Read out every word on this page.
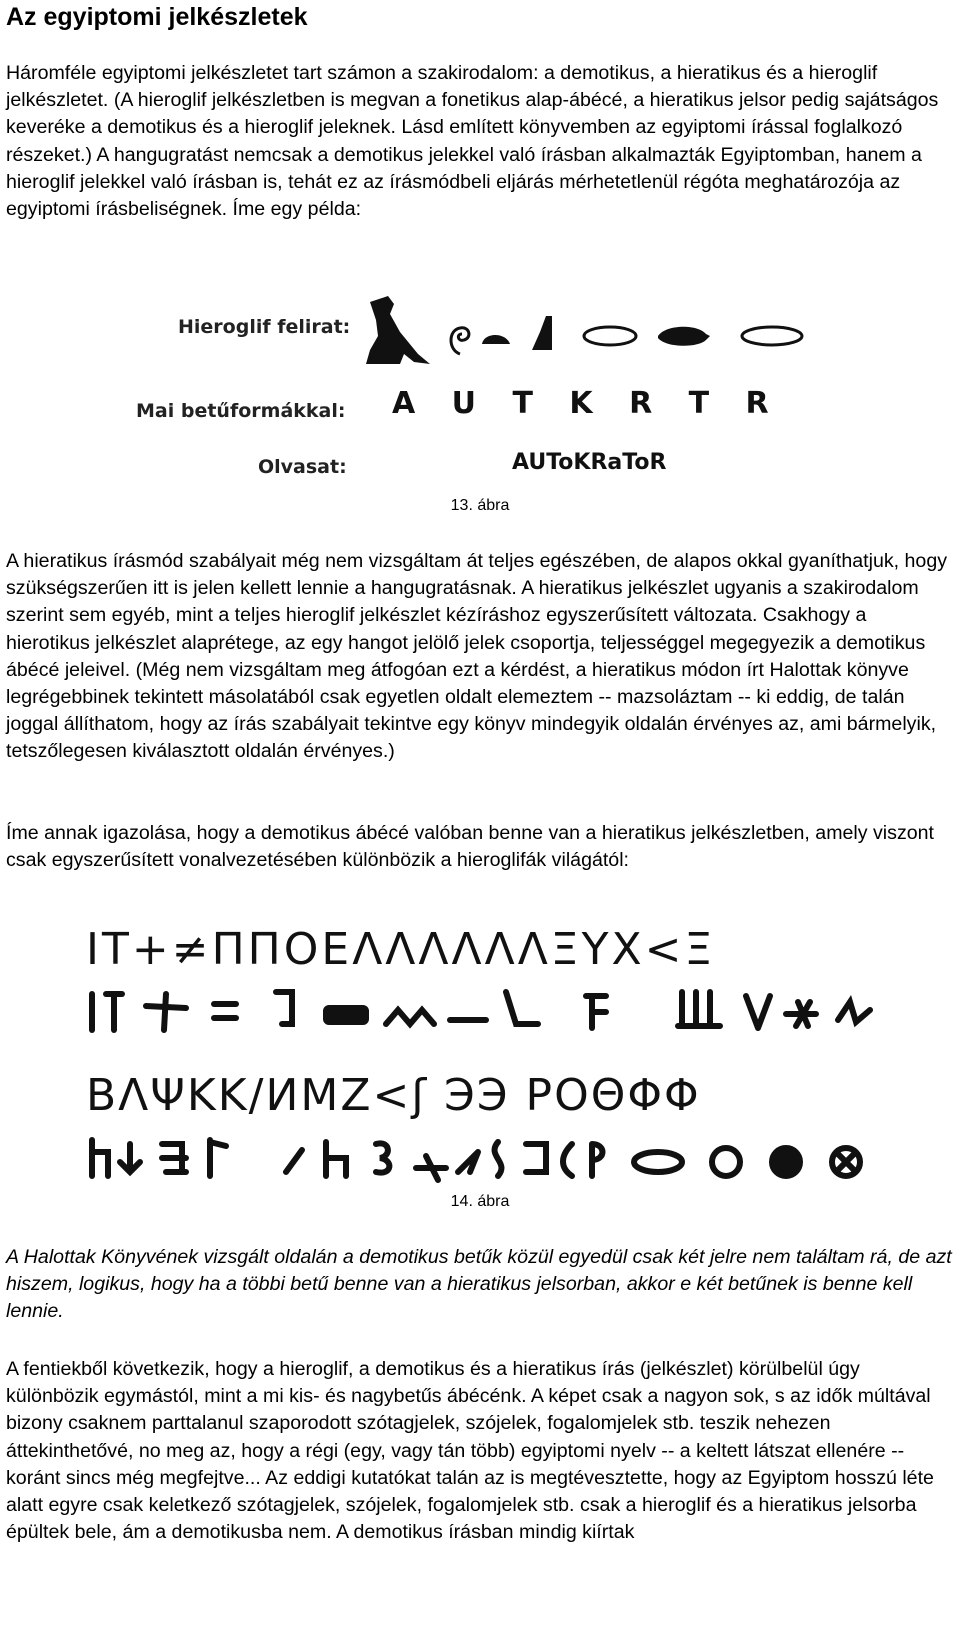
Az egyiptomi jelkészletek

Háromféle egyiptomi jelkészletet tart számon a szakirodalom: a demotikus, a hieratikus és a hieroglif jelkészletet. (A hieroglif jelkészletben is megvan a fonetikus alap-ábécé, a hieratikus jelsor pedig sajátságos keveréke a demotikus és a hieroglif jeleknek. Lásd említett könyvemben az egyiptomi írással foglalkozó részeket.) A hangugratást nemcsak a demotikus jelekkel való írásban alkalmazták Egyiptomban, hanem a hieroglif jelekkel való írásban is, tehát ez az írásmódbeli eljárás mérhetetlenül régóta meghatározója az egyiptomi írásbeliségnek. Íme egy példa:

Hieroglif felirat:
Mai betűformákkal: A U T K R T R
Olvasat:	AUToKRaToR

13. ábra

A hieratikus írásmód szabályait még nem vizsgáltam át teljes egészében, de alapos okkal gyaníthatjuk, hogy szükségszerűen itt is jelen kellett lennie a hangugratásnak. A hieratikus jelkészlet ugyanis a szakirodalom szerint sem egyéb, mint a teljes hieroglif jelkészlet kézíráshoz egyszerűsített változata. Csakhogy a hierotikus jelkészlet alaprétege, az egy hangot jelölő jelek csoportja, teljességgel megegyezik a demotikus ábécé jeleivel. (Még nem vizsgáltam meg átfogóan ezt a kérdést, a hieratikus módon írt Halottak könyve legrégebbinek tekintett másolatából csak egyetlen oldalt elemeztem -- mazsoláztam -- ki eddig, de talán joggal állíthatom, hogy az írás szabályait tekintve egy könyv mindegyik oldalán érvényes az, ami bármelyik, tetszőlegesen kiválasztott oldalán érvényes.)

Íme annak igazolása, hogy a demotikus ábécé valóban benne van a hieratikus jelkészletben, amely viszont csak egyszerűsített vonalvezetésében különbözik a hieroglifák világától:

ΙΤ+≠ΠΠΟΕΛΛΛΛΛΛΞΥΧ<Ξ
ΒΛΨΚΚ/ИΜΖ<ʃ ЭЭ ΡΟΘΦΦ

14. ábra

A Halottak Könyvének vizsgált oldalán a demotikus betűk közül egyedül csak két jelre nem találtam rá, de azt hiszem, logikus, hogy ha a többi betű benne van a hieratikus jelsorban, akkor e két betűnek is benne kell lennie.

A fentiekből következik, hogy a hieroglif, a demotikus és a hieratikus írás (jelkészlet) körülbelül úgy különbözik egymástól, mint a mi kis- és nagybetűs ábécénk. A képet csak a nagyon sok, s az idők múltával bizony csaknem parttalanul szaporodott szótagjelek, szójelek, fogalomjelek stb. teszik nehezen áttekinthetővé, no meg az, hogy a régi (egy, vagy tán több) egyiptomi nyelv -- a keltett látszat ellenére -- koránt sincs még megfejtve... Az eddigi kutatókat talán az is megtévesztette, hogy az Egyiptom hosszú léte alatt egyre csak keletkező szótagjelek, szójelek, fogalomjelek stb. csak a hieroglif és a hieratikus jelsorba épültek bele, ám a demotikusba nem. A demotikus írásban mindig kiírtak
